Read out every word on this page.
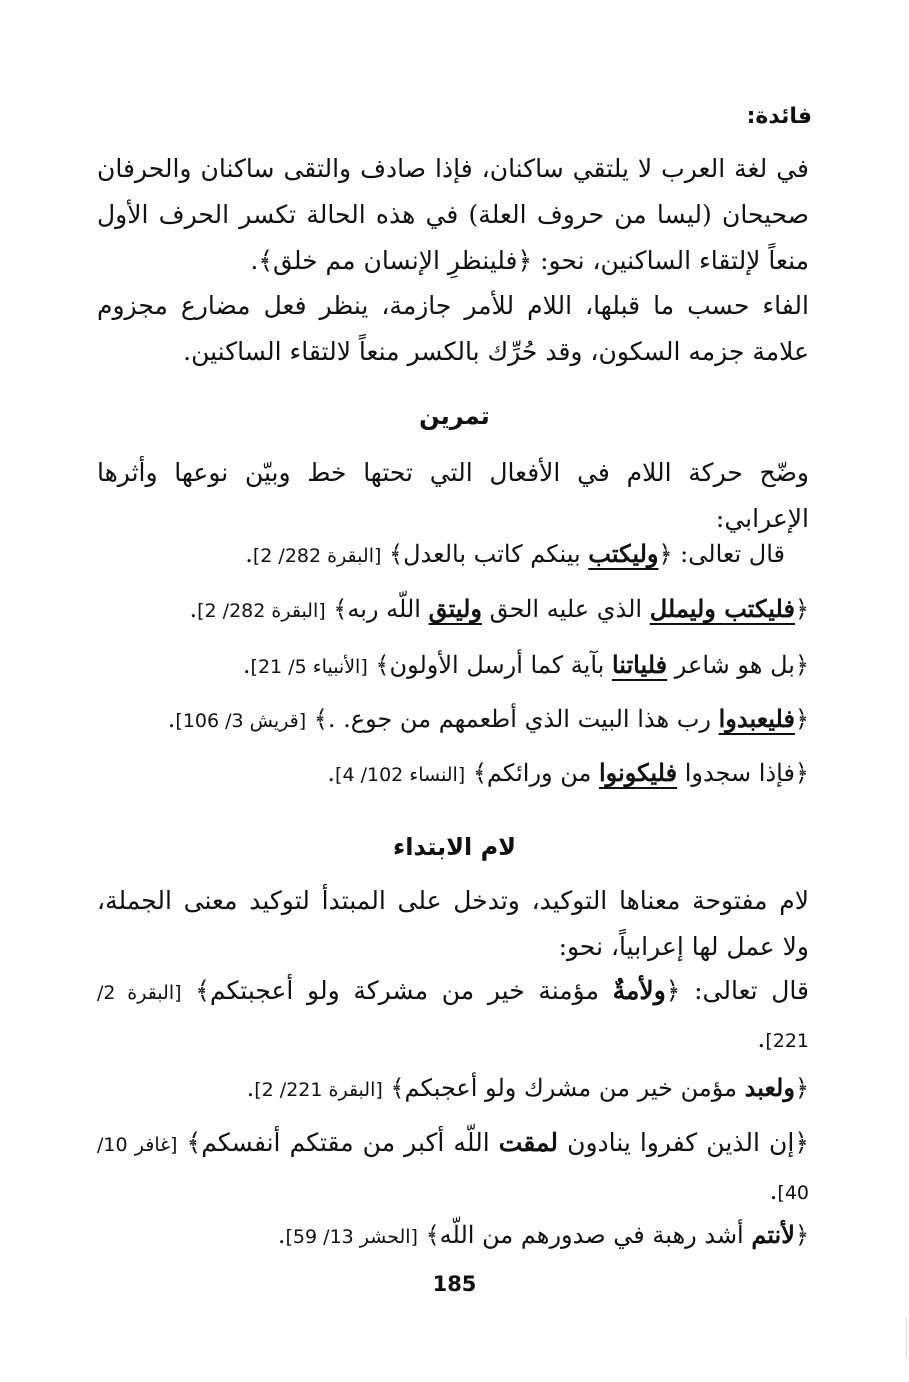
فائدة:
في لغة العرب لا يلتقي ساكنان، فإذا صادف والتقى ساكنان والحرفان صحيحان (ليسا من حروف العلة) في هذه الحالة تكسر الحرف الأول منعاً لإلتقاء الساكنين، نحو: ﴿فلينظرِ الإنسان مم خلق﴾.
الفاء حسب ما قبلها، اللام للأمر جازمة، ينظر فعل مضارع مجزوم علامة جزمه السكون، وقد حُرِّك بالكسر منعاً لالتقاء الساكنين.
تمرين
وضّح حركة اللام في الأفعال التي تحتها خط وبيّن نوعها وأثرها الإعرابي:
قال تعالى: ﴿وليكتب بينكم كاتب بالعدل﴾ [البقرة 282/ 2].
﴿فليكتب وليملل الذي عليه الحق وليتق اللّه ربه﴾ [البقرة 282/ 2].
﴿بل هو شاعر فلياتنا بآية كما أرسل الأولون﴾ [الأنبياء 5/ 21].
﴿فليعبدوا رب هذا البيت الذي أطعمهم من جوع. .﴾ [قريش 3/ 106].
﴿فإذا سجدوا فليكونوا من ورائكم﴾ [النساء 102/ 4].
لام الابتداء
لام مفتوحة معناها التوكيد، وتدخل على المبتدأ لتوكيد معنى الجملة، ولا عمل لها إعرابياً، نحو:
قال تعالى: ﴿ولأمةٌ مؤمنة خير من مشركة ولو أعجبتكم﴾ [البقرة 2/ 221].
﴿ولعبد مؤمن خير من مشرك ولو أعجبكم﴾ [البقرة 221/ 2].
﴿إن الذين كفروا ينادون لمقت اللّه أكبر من مقتكم أنفسكم﴾ [غافر 10/ 40].
﴿لأنتم أشد رهبة في صدورهم من اللّه﴾ [الحشر 13/ 59].
185
